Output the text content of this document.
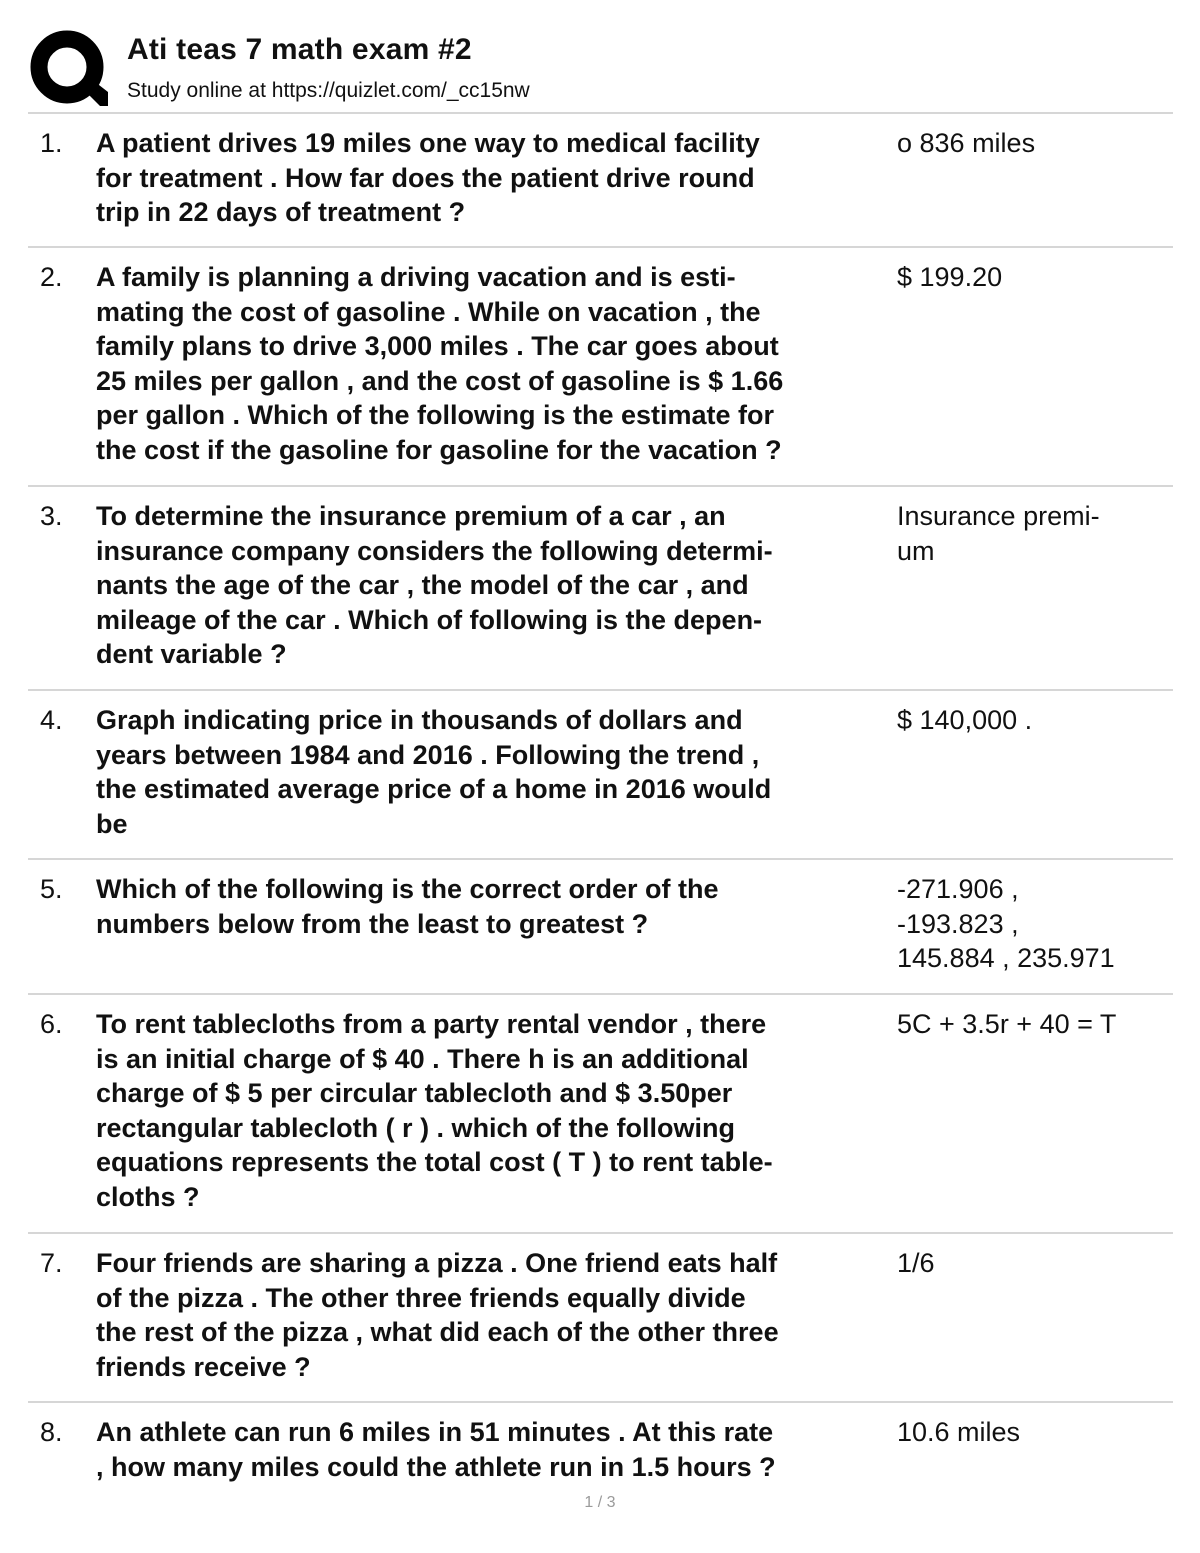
Ati teas 7 math exam #2
Study online at https://quizlet.com/_cc15nw
1. A patient drives 19 miles one way to medical facility
for treatment . How far does the patient drive round
trip in 22 days of treatment ?
o 836 miles
2. A family is planning a driving vacation and is esti-
mating the cost of gasoline . While on vacation , the
family plans to drive 3,000 miles . The car goes about
25 miles per gallon , and the cost of gasoline is $ 1.66
per gallon . Which of the following is the estimate for
the cost if the gasoline for gasoline for the vacation ?
$ 199.20
3. To determine the insurance premium of a car , an
insurance company considers the following determi-
nants the age of the car , the model of the car , and
mileage of the car . Which of following is the depen-
dent variable ?
Insurance premi-
um
4. Graph indicating price in thousands of dollars and
years between 1984 and 2016 . Following the trend ,
the estimated average price of a home in 2016 would
be
$ 140,000 .
5. Which of the following is the correct order of the
numbers below from the least to greatest ?
-271.906 ,
-193.823 ,
145.884 , 235.971
6. To rent tablecloths from a party rental vendor , there
is an initial charge of $ 40 . There h is an additional
charge of $ 5 per circular tablecloth and $ 3.50per
rectangular tablecloth ( r ) . which of the following
equations represents the total cost ( T ) to rent table-
cloths ?
5C + 3.5r + 40 = T
7. Four friends are sharing a pizza . One friend eats half
of the pizza . The other three friends equally divide
the rest of the pizza , what did each of the other three
friends receive ?
1/6
8. An athlete can run 6 miles in 51 minutes . At this rate
, how many miles could the athlete run in 1.5 hours ?
10.6 miles
1 / 3
